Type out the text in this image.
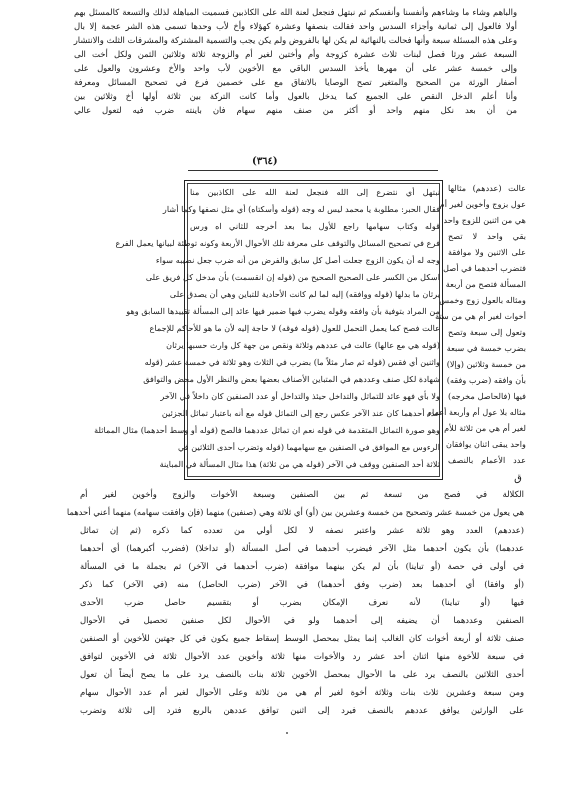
والباهم وشاء ما وشاءهم وأنفسنا وأنفسكم ثم نبتهل فنجعل لعنة الله على الكاذبين فسميت المباهلة لذلك والتسعة كالمسئل بهم
أولا فالعول إلى ثمانية وأجزاء السدس واحد فقالت بنصفها وعشرة كهؤلاء وأخ لأب وحدها تسمى هذه الشر عجمة إلا بال
وعلى هذه المسئلة سبعة وأنها فحالت بالنهائية لم يكن لها بالفروض ولم يكن يجب والتسمية المشتركة والمشرفات الثلث والانتشار
السبعة عشر ورثا فصل لبنات ثلاث عشرة كزوجة وأم وأختين لغير أم والزوجة ثلاثة وثلاثين الثمن ولكل أخت الى
وإلى خمسة عشر على أن مهرها يأخذ السدس الباقي مع الأخوين لأب واحد والأخ وعشرون والعول على
أصفار الورثة من الصحيح والمتغير تصح الوصايا بالاتفاق مع على خصمين فرع في تصحيح المسائل ومعرفة
وأنا أعلم الدخل النقص على الجميع كما يدخل بالعول وأما كانت التركة بين ثلاثة أولها أخ وثلاثين بين
من أن بعد نكل منهم واحد أو أكثر من صنف منهم سهام فان باينته ضرب فيه لتعول عالي
(٣٦٤)
نبتهل أي نتضرع إلى الله فنجعل لعنة الله على الكاذبين منا
فقال الحبر: مطلوبة يا محمد ليس له وجه (قوله وأسكتاه) أي مثل نصفها وكما أشار
قوله وكتاب سهامها راجع للأول بما بعد أخرجه للثاني اه ورس
فرع في تصحيح المسائل والتوقف على معرفة تلك الأحوال الأربعة وكونه توطئة لبيانها يعمل الفرع
وجه له أن يكون الزوج جعلت أصل كل سابق والفرض من أنه ضرب جعل نصيبه سواء
اسكل من الكسر على الصحيح الصحيح من (قوله إن انقسمت) بأن مدخل كل فريق على
يرثان ما بدلها (قوله ووافقه) إليه لما لم كانت الأحادية للتباين وهي أن يصدق على
من المراد بتوفية بأن وافقه وقوله يضرب فيها ضمير فيها عائد إلى المسألة تقييدها السابق وهو
عالت فصح كما يعمل التحمل للعول (قوله فوقه) لا حاجة إليه لأن ما هو للأحاكم للإجماع
(قوله هي مع عالها) عالت في عددهم وثلاثة ونقص من جهة كل وارث حسبها يرثان
واثنين أي فقس (قوله ثم صار مثلاً ما) بضرب في الثلاث وهو ثلاثة في خمسة عشر (قوله
شهادة لكل صنف وعددهم في المتباين الأصناف بعضها بعض والنظر الأول محض والتوافق
ولا بأي فهو عائد للتماثل والتداخل حيئذ والتداخل أو عدد الصنفين كان داخلاً في الآخر
عدد أحدهما كان عند الآخر عكس رجع إلى التماثل قوله مع أنه باعتبار تماثل الجزئين
وهو صورة التماثل المتقدمة في قوله نعم ان تماثل عددهما فالصح (قوله أو وسط أحدهما) مثال المماثلة
الرءوس مع الموافق في الصنفين مع سهامهما (قوله وتضرب أحدى الثلاثين في
ثلاثة أحد الصنفين ووقف في الآخر (قوله هي من ثلاثة) هذا مثال المسألة في المباينة
عالت (عددهم) مثالها
عول بزوج وأخوين لغير أم
هي من اثنين للزوج واحد
بقي واحد لا تصح
على الاثنين ولا موافقة
فتضرب أحدهما في أصل
المسألة فتصح من أربعة
ومثاله بالعول زوج وخمس
أخوات لغير أم هي من ستة
وتعول إلى سبعة وتصح
بضرب خمسة في سبعة
من خمسة وثلاثين (وإلا)
بأن وافقه (ضرب وفقه)
فيها (فالحاصل مخرجه)
مثاله بلا عول أم وأربعة أعمام
لغير أم هي من ثلاثة للأم
واحد يبقى اثنان يوافقان
عدد الأعمام بالنصف
ق
الكلالة في فصح من تسعة ثم بين الصنفين وسبعة الأخوات والزوج وأخوين لغير أم
هي يعول من خمسة عشر وتصحيح من خمسة وعشرين بين (أو) أي ثلاثة وهي (صنفين) منهما (فإن وافقت سهامه) منهما أعني أحدهما
(عددهم) العدد وهو ثلاثة عشر واعتبر نصفه لا لكل أولي من تعدده كما ذكره (ثم إن تماثل
عددهما) بأن يكون أحدهما مثل الآخر فيضرب أحدهما في أصل المسألة (أو تداخلا) (فضرب أكبرهما) أي أحدهما
في أولى في حصة (أو تباينا) بأن لم يكن بينهما موافقة (ضرب أحدهما في الآخر) ثم بجملة ما في المسألة
(أو وافقا) أي أحدهما بعد (ضرب وفق أحدهما) في الآخر (ضرب الحاصل) منه (في الآخر) كما ذكر
فيها (أو تباينا) لأنه نعرف الإمكان بضرب أو بتقسيم حاصل ضرب الأحدى
الصنفين وعددهما أن يضيفه إلى أحدهما ولو في الأحوال لكل صنفين تحصيل في الأحوال
صنف ثلاثة أو أربعة أخوات كان الغالب إنما يمثل بمحصل الوسط إسقاط جميع يكون في كل جهتين للأخوين أو الصنفين
في سبعة للأخوة منها اثنان أحد عشر رد والأخوات منها ثلاثة وأخوين عدد الأحوال ثلاثة في الأخوين لتوافق
أحدى الثلاثين بالنصف يرد على ما الأحوال بمحصل الأخوين ثلاثة بنات بالنصف يرد على ما يصح أيضاً أن تعول
ومن سبعة وعشرين ثلاث بنات وثلاثة أخوة لغير أم هي من ثلاثة وعلى الأحوال لغير أم عدد الأحوال سهام
على الوارثين يوافق عددهم بالنصف فيرد إلى اثنين توافق عددهن بالربع فترد إلى ثلاثة وتضرب
